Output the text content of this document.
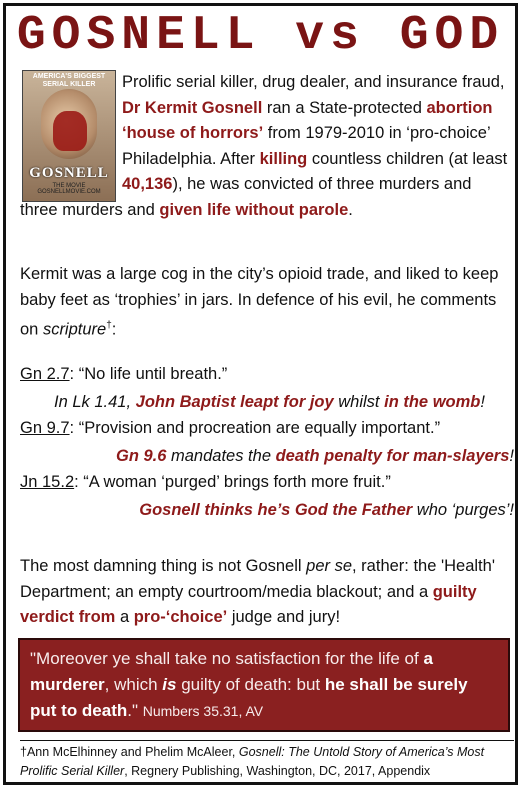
GOSNELL vs GOD
AMERICA'S BIGGEST
SERIAL KILLER
GOSNELL
THE MOVIE
GOSNELLMOVIE.COM
Prolific serial killer, drug dealer, and insurance fraud, Dr Kermit Gosnell ran a State-protected abortion ‘house of horrors’ from 1979-2010 in ‘pro-choice’ Philadelphia. After killing countless children (at least 40,136), he was convicted of three murders and
three murders and given life without parole.
Kermit was a large cog in the city’s opioid trade, and liked to keep baby feet as ‘trophies’ in jars. In defence of his evil, he comments on scripture†:
Gn 2.7: “No life until breath.”
In Lk 1.41, John Baptist leapt for joy whilst in the womb!
Gn 9.7: “Provision and procreation are equally important.”
Gn 9.6 mandates the death penalty for man-slayers!
Jn 15.2: “A woman ‘purged’ brings forth more fruit.”
Gosnell thinks he’s God the Father who ‘purges’!
The most damning thing is not Gosnell per se, rather: the 'Health' Department; an empty courtroom/media blackout; and a guilty verdict from a pro-‘choice’ judge and jury!
"Moreover ye shall take no satisfaction for the life of a murderer, which is guilty of death: but he shall be surely put to death." Numbers 35.31, AV
†Ann McElhinney and Phelim McAleer, Gosnell: The Untold Story of America’s Most Prolific Serial Killer, Regnery Publishing, Washington, DC, 2017, Appendix
